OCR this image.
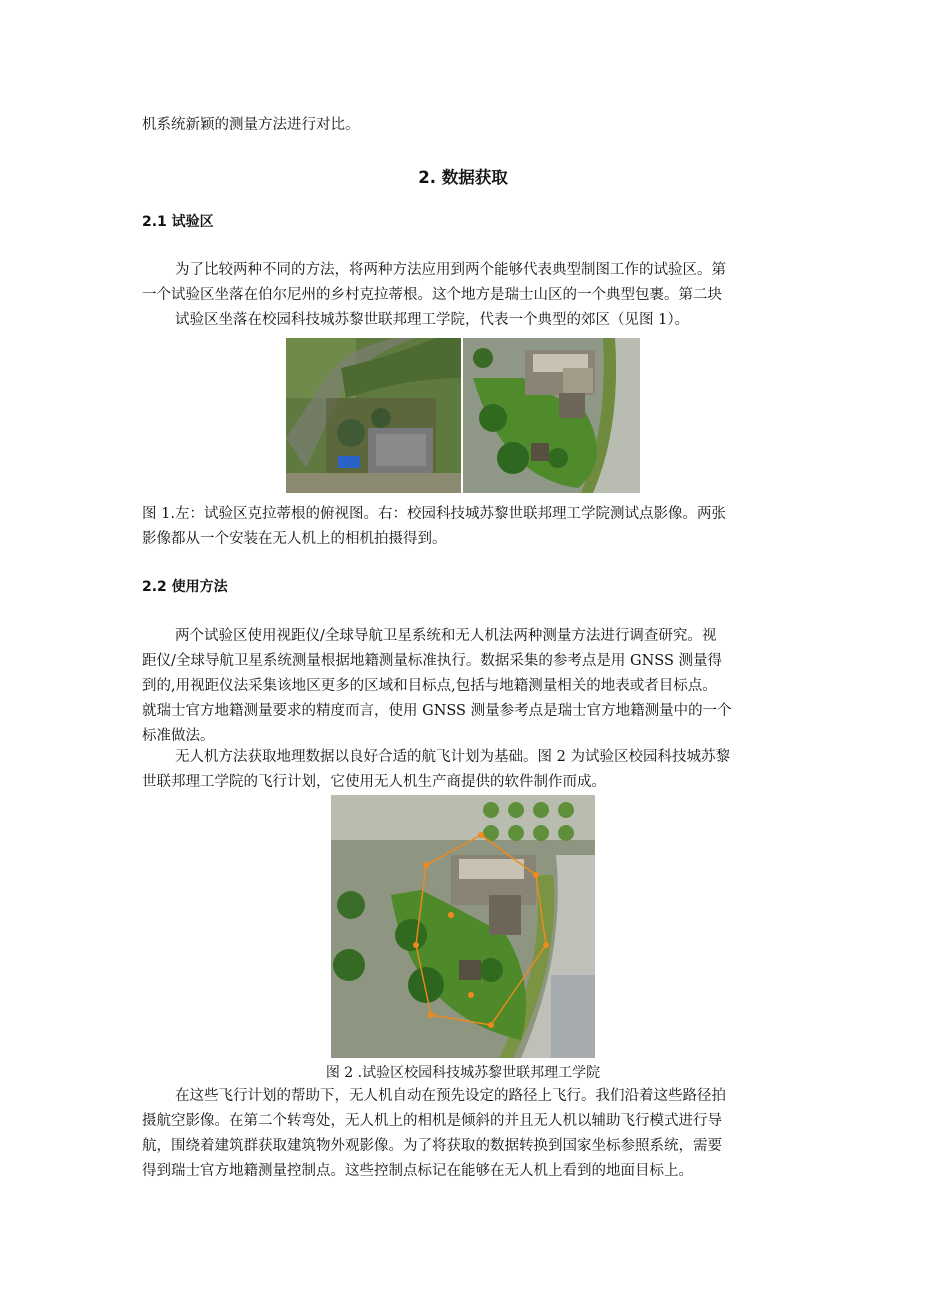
机系统新颖的测量方法进行对比。
2. 数据获取
2.1 试验区
为了比较两种不同的方法，将两种方法应用到两个能够代表典型制图工作的试验区。第
一个试验区坐落在伯尔尼州的乡村克拉蒂根。这个地方是瑞士山区的一个典型包裹。第二块
试验区坐落在校园科技城苏黎世联邦理工学院，代表一个典型的郊区（见图 1）。
图 1.左：试验区克拉蒂根的俯视图。右：校园科技城苏黎世联邦理工学院测试点影像。两张
影像都从一个安装在无人机上的相机拍摄得到。
2.2 使用方法
两个试验区使用视距仪/全球导航卫星系统和无人机法两种测量方法进行调查研究。视
距仪/全球导航卫星系统测量根据地籍测量标准执行。数据采集的参考点是用 GNSS 测量得
到的,用视距仪法采集该地区更多的区域和目标点,包括与地籍测量相关的地表或者目标点。
就瑞士官方地籍测量要求的精度而言，使用 GNSS 测量参考点是瑞士官方地籍测量中的一个
标准做法。
无人机方法获取地理数据以良好合适的航飞计划为基础。图 2 为试验区校园科技城苏黎
世联邦理工学院的飞行计划，它使用无人机生产商提供的软件制作而成。
图 2 .试验区校园科技城苏黎世联邦理工学院
在这些飞行计划的帮助下，无人机自动在预先设定的路径上飞行。我们沿着这些路径拍
摄航空影像。在第二个转弯处，无人机上的相机是倾斜的并且无人机以辅助飞行模式进行导
航，围绕着建筑群获取建筑物外观影像。为了将获取的数据转换到国家坐标参照系统，需要
得到瑞士官方地籍测量控制点。这些控制点标记在能够在无人机上看到的地面目标上。
